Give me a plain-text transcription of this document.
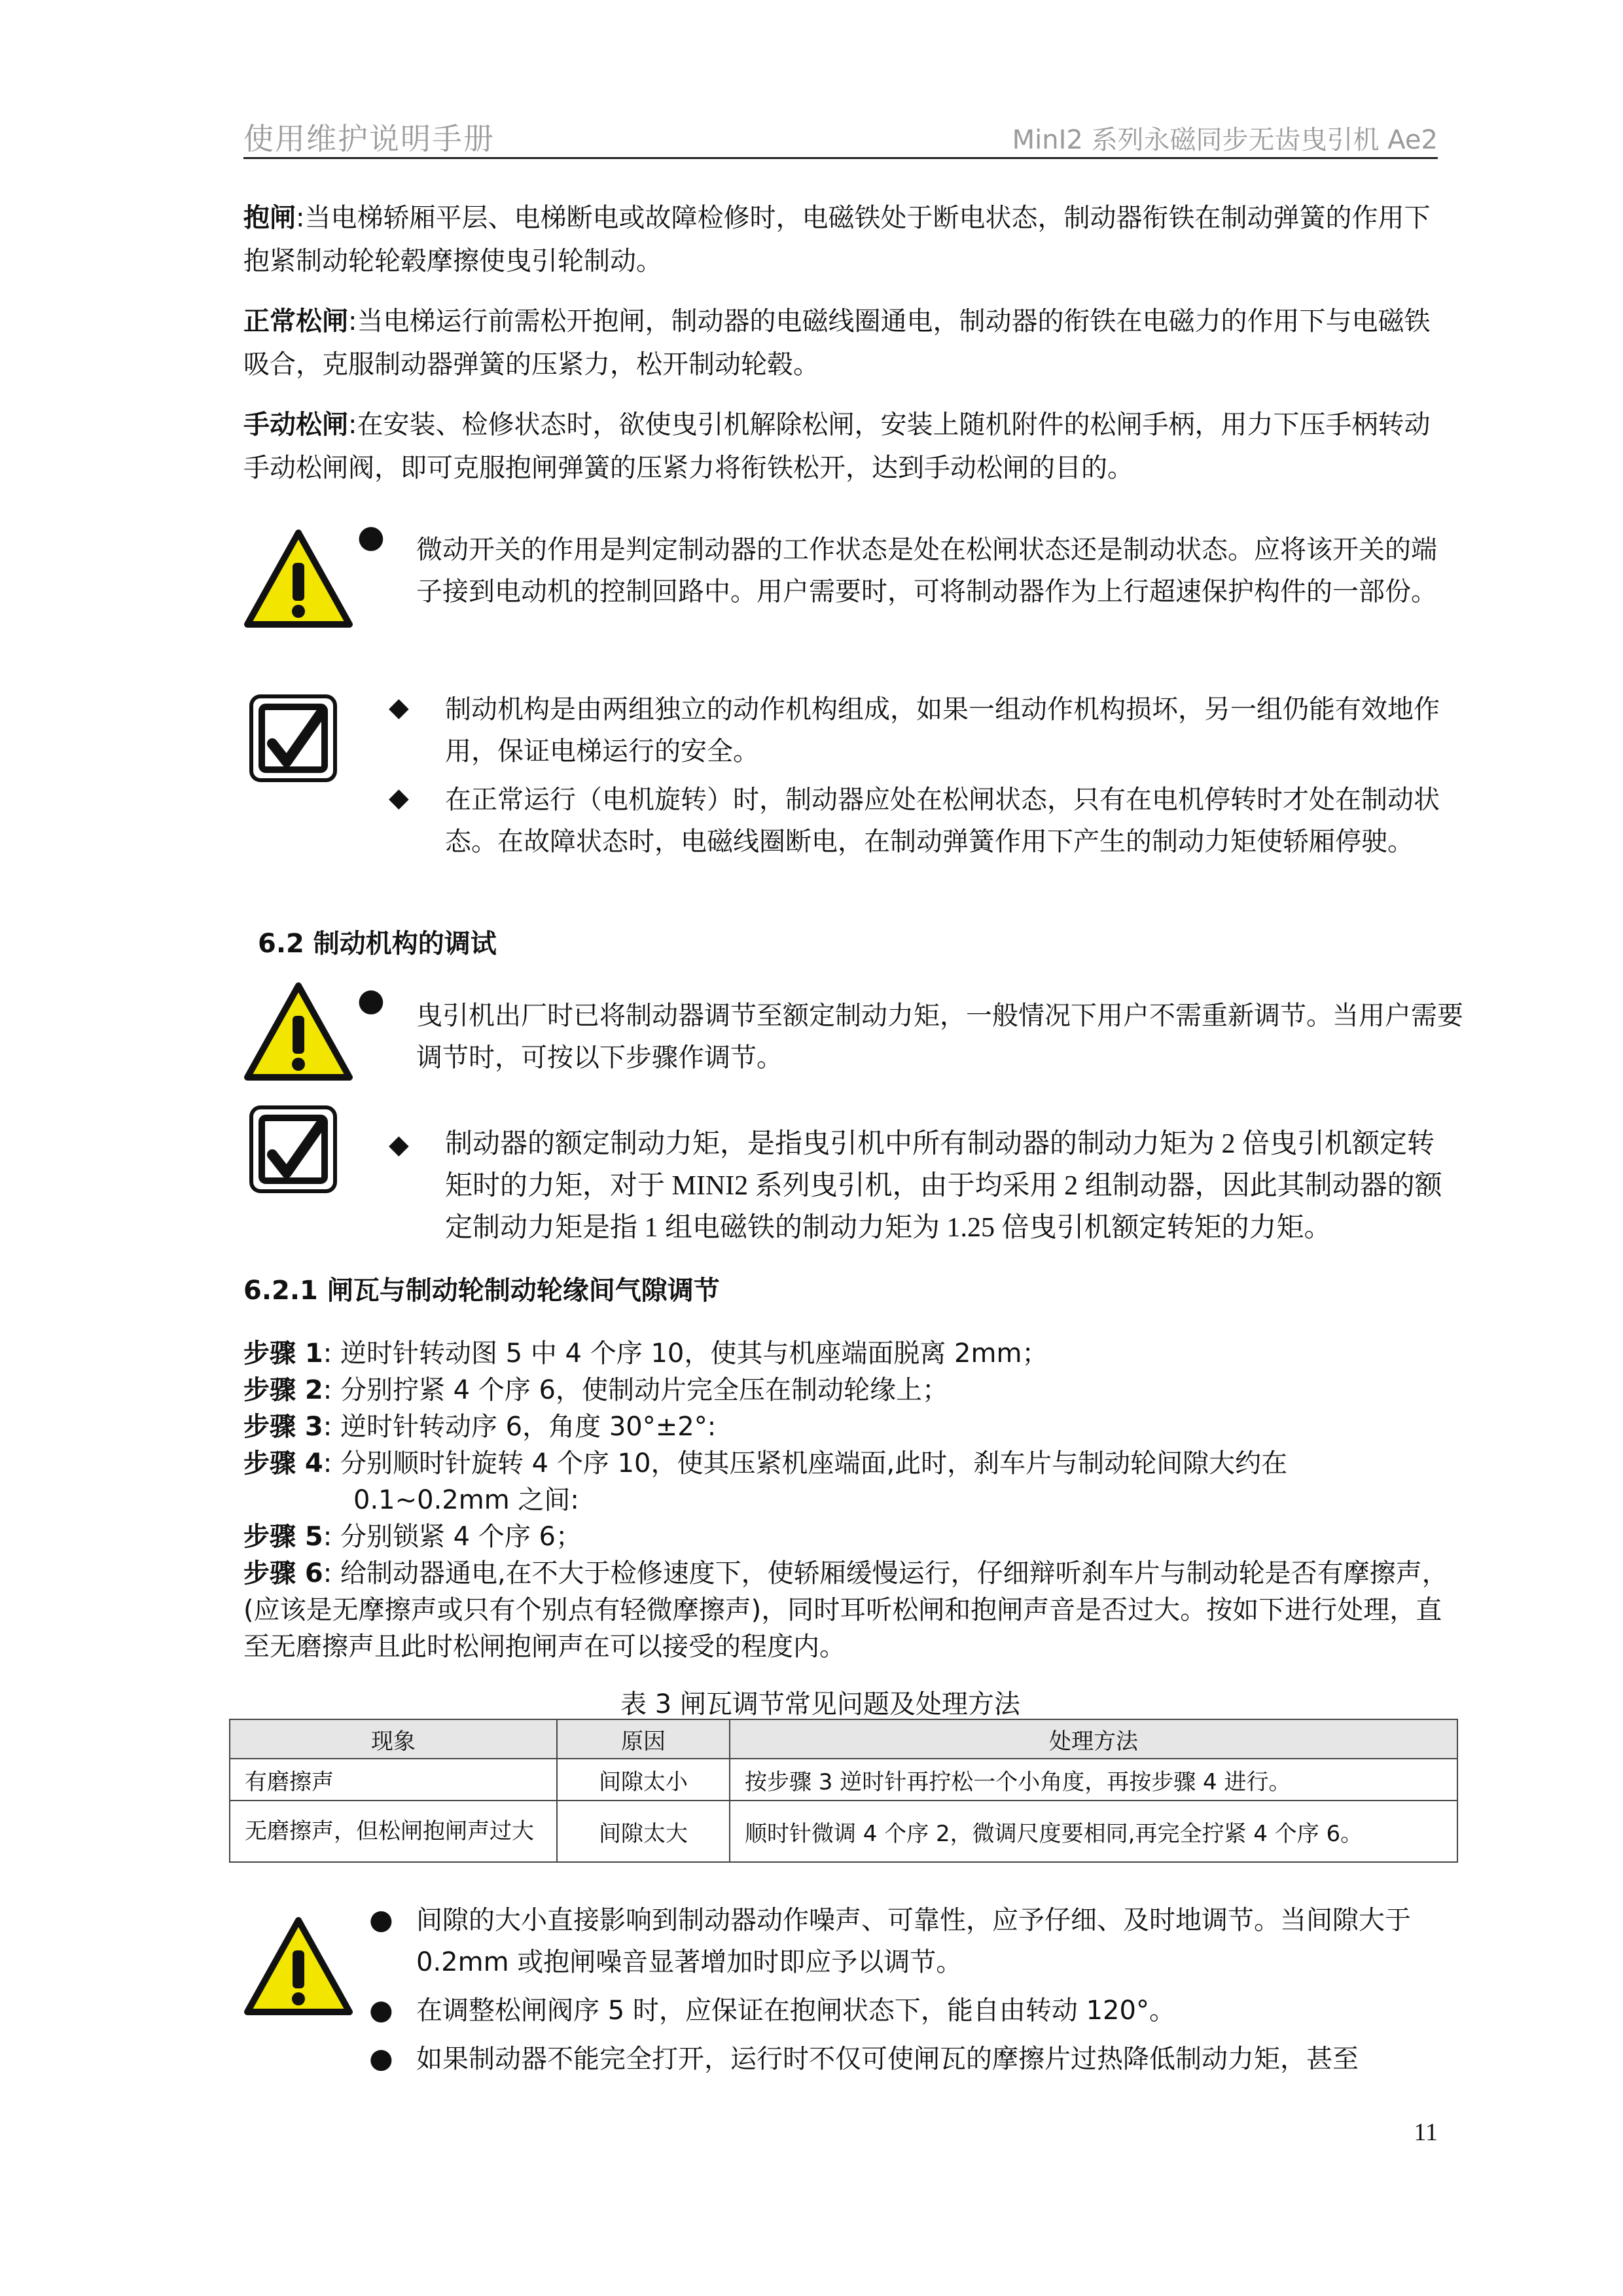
使用维护说明手册	MinI2 系列永磁同步无齿曳引机 Ae2
抱闸:当电梯轿厢平层、电梯断电或故障检修时，电磁铁处于断电状态，制动器衔铁在制动弹簧的作用下抱紧制动轮轮毂摩擦使曳引轮制动。
正常松闸:当电梯运行前需松开抱闸，制动器的电磁线圈通电，制动器的衔铁在电磁力的作用下与电磁铁吸合，克服制动器弹簧的压紧力，松开制动轮毂。
手动松闸:在安装、检修状态时，欲使曳引机解除松闸，安装上随机附件的松闸手柄，用力下压手柄转动手动松闸阀，即可克服抱闸弹簧的压紧力将衔铁松开，达到手动松闸的目的。
● 微动开关的作用是判定制动器的工作状态是处在松闸状态还是制动状态。应将该开关的端子接到电动机的控制回路中。用户需要时，可将制动器作为上行超速保护构件的一部份。
◆ 制动机构是由两组独立的动作机构组成，如果一组动作机构损坏，另一组仍能有效地作用，保证电梯运行的安全。
◆ 在正常运行（电机旋转）时，制动器应处在松闸状态，只有在电机停转时才处在制动状态。在故障状态时，电磁线圈断电，在制动弹簧作用下产生的制动力矩使轿厢停驶。
6.2 制动机构的调试
● 曳引机出厂时已将制动器调节至额定制动力矩，一般情况下用户不需重新调节。当用户需要调节时，可按以下步骤作调节。
◆ 制动器的额定制动力矩，是指曳引机中所有制动器的制动力矩为 2 倍曳引机额定转矩时的力矩，对于 MINI2 系列曳引机，由于均采用 2 组制动器，因此其制动器的额定制动力矩是指 1 组电磁铁的制动力矩为 1.25 倍曳引机额定转矩的力矩。
6.2.1 闸瓦与制动轮制动轮缘间气隙调节
步骤 1: 逆时针转动图 5 中 4 个序 10，使其与机座端面脱离 2mm；
步骤 2: 分别拧紧 4 个序 6，使制动片完全压在制动轮缘上；
步骤 3: 逆时针转动序 6，角度 30°±2°:
步骤 4: 分别顺时针旋转 4 个序 10，使其压紧机座端面,此时，刹车片与制动轮间隙大约在
0.1~0.2mm 之间:
步骤 5: 分别锁紧 4 个序 6；
步骤 6: 给制动器通电,在不大于检修速度下，使轿厢缓慢运行，仔细辩听刹车片与制动轮是否有摩擦声，(应该是无摩擦声或只有个别点有轻微摩擦声)，同时耳听松闸和抱闸声音是否过大。按如下进行处理，直至无磨擦声且此时松闸抱闸声在可以接受的程度内。
表 3 闸瓦调节常见问题及处理方法
现象	原因	处理方法
有磨擦声	间隙太小	按步骤 3 逆时针再拧松一个小角度，再按步骤 4 进行。
无磨擦声，但松闸抱闸声过大	间隙太大	顺时针微调 4 个序 2，微调尺度要相同,再完全拧紧 4 个序 6。
● 间隙的大小直接影响到制动器动作噪声、可靠性，应予仔细、及时地调节。当间隙大于 0.2mm 或抱闸噪音显著增加时即应予以调节。
● 在调整松闸阀序 5 时，应保证在抱闸状态下，能自由转动 120°。
● 如果制动器不能完全打开，运行时不仅可使闸瓦的摩擦片过热降低制动力矩，甚至
11
